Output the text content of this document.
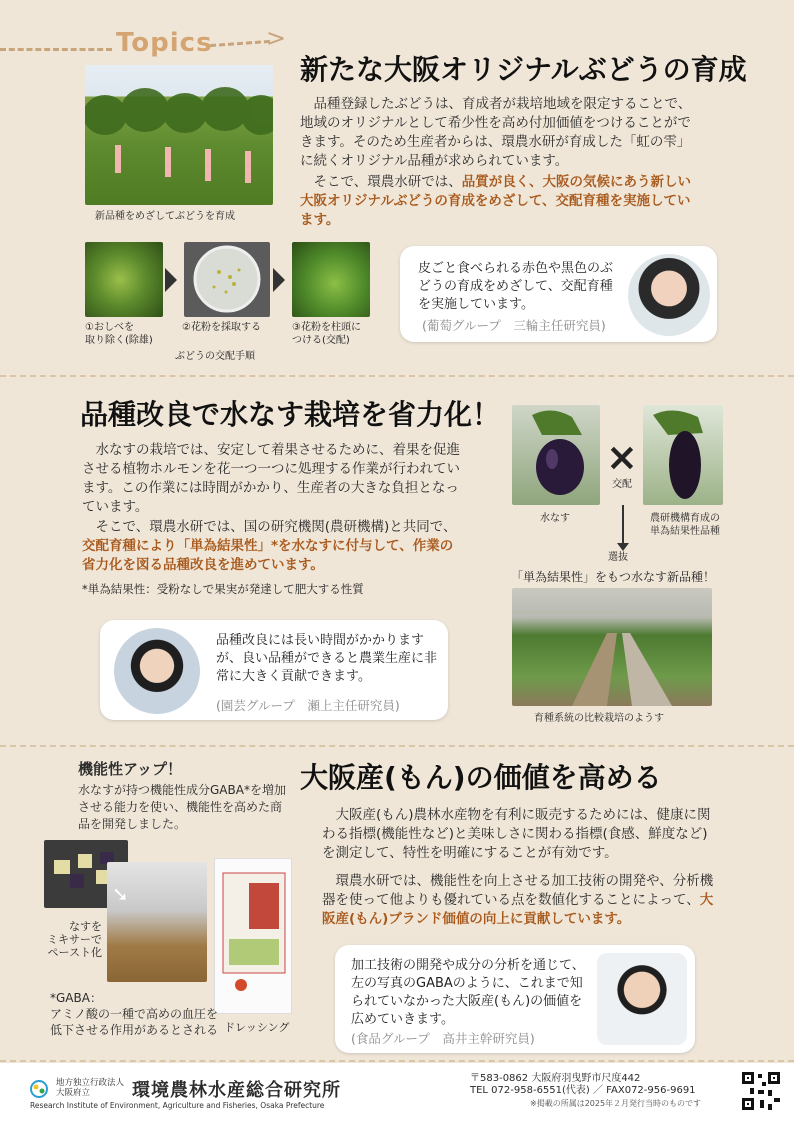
Topics >
新たな大阪オリジナルぶどうの育成
新品種をめざしてぶどうを育成
品種登録したぶどうは、育成者が栽培地域を限定することで、地域のオリジナルとして希少性を高め付加価値をつけることができます。そのため生産者からは、環農水研が育成した「虹の雫」に続くオリジナル品種が求められています。
そこで、環農水研では、品質が良く、大阪の気候にあう新しい大阪オリジナルぶどうの育成をめざして、交配育種を実施しています。
①おしべを
取り除く(除雄)
②花粉を採取する	③花粉を柱頭に
つける(交配)
ぶどうの交配手順
皮ごと食べられる赤色や黒色のぶどうの育成をめざして、交配育種を実施しています。
(葡萄グループ　三輪主任研究員)
品種改良で水なす栽培を省力化！
水なすの栽培では、安定して着果させるために、着果を促進させる植物ホルモンを花一つ一つに処理する作業が行われています。この作業には時間がかかり、生産者の大きな負担となっています。
そこで、環農水研では、国の研究機関(農研機構)と共同で、交配育種により「単為結果性」*を水なすに付与して、作業の省力化を図る品種改良を進めています。
*単為結果性：受粉なしで果実が発達して肥大する性質
×
交配
水なす	農研機構育成の
単為結果性品種
選抜
「単為結果性」をもつ水なす新品種！
育種系統の比較栽培のようす
品種改良には長い時間がかかりますが、良い品種ができると農業生産に非常に大きく貢献できます。
(園芸グループ　瀬上主任研究員)
機能性アップ！
水なすが持つ機能性成分GABA*を増加させる能力を使い、機能性を高めた商品を開発しました。
大阪産(もん)の価値を高める
➘
なすを
ミキサーで
ペースト化
ドレッシング
*GABA：
アミノ酸の一種で高めの血圧を低下させる作用があるとされる
大阪産(もん)農林水産物を有利に販売するためには、健康に関わる指標(機能性など)と美味しさに関わる指標(食感、鮮度など)を測定して、特性を明確にすることが有効です。
環農水研では、機能性を向上させる加工技術の開発や、分析機器を使って他よりも優れている点を数値化することによって、大阪産(もん)ブランド価値の向上に貢献しています。
加工技術の開発や成分の分析を通じて、左の写真のGABAのように、これまで知られていなかった大阪産(もん)の価値を広めていきます。
(食品グループ　高井主幹研究員)
地方独立行政法人
大阪府立	環境農林水産総合研究所
Research Institute of Environment, Agriculture and Fisheries, Osaka Prefecture
〒583-0862 大阪府羽曳野市尺度442
TEL 072-958-6551(代表) ／ FAX072-956-9691
※掲載の所属は2025年２月発行当時のものです
